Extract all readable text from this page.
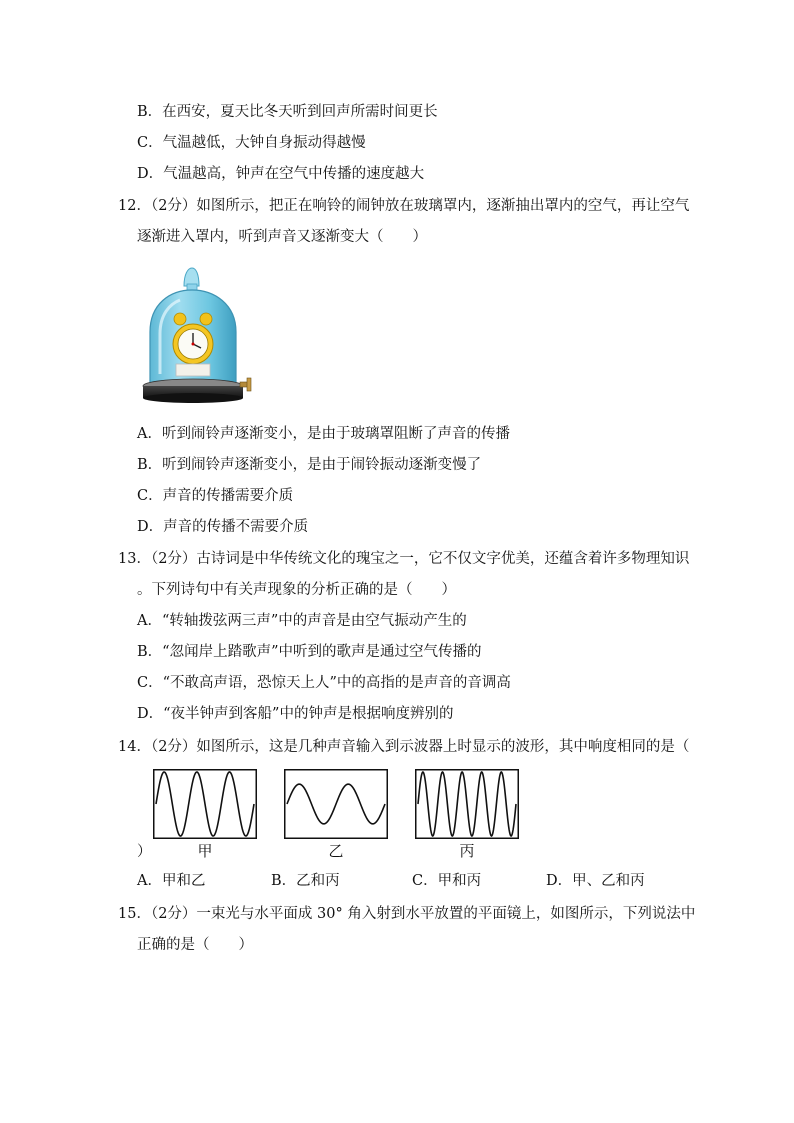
B．在西安，夏天比冬天听到回声所需时间更长
C．气温越低，大钟自身振动得越慢
D．气温越高，钟声在空气中传播的速度越大
12．（2分）如图所示，把正在响铃的闹钟放在玻璃罩内，逐渐抽出罩内的空气，再让空气
逐渐进入罩内，听到声音又逐渐变大（　　）
A．听到闹铃声逐渐变小，是由于玻璃罩阻断了声音的传播
B．听到闹铃声逐渐变小，是由于闹铃振动逐渐变慢了
C．声音的传播需要介质
D．声音的传播不需要介质
13．（2分）古诗词是中华传统文化的瑰宝之一，它不仅文字优美，还蕴含着许多物理知识
。下列诗句中有关声现象的分析正确的是（　　）
A．“转轴拨弦两三声”中的声音是由空气振动产生的
B．“忽闻岸上踏歌声”中听到的歌声是通过空气传播的
C．“不敢高声语，恐惊天上人”中的高指的是声音的音调高
D．“夜半钟声到客船”中的钟声是根据响度辨别的
14．（2分）如图所示，这是几种声音输入到示波器上时显示的波形，其中响度相同的是（
）	甲	乙	丙
A．甲和乙	B．乙和丙	C．甲和丙	D．甲、乙和丙
15．（2分）一束光与水平面成 30° 角入射到水平放置的平面镜上，如图所示，下列说法中
正确的是（　　）
